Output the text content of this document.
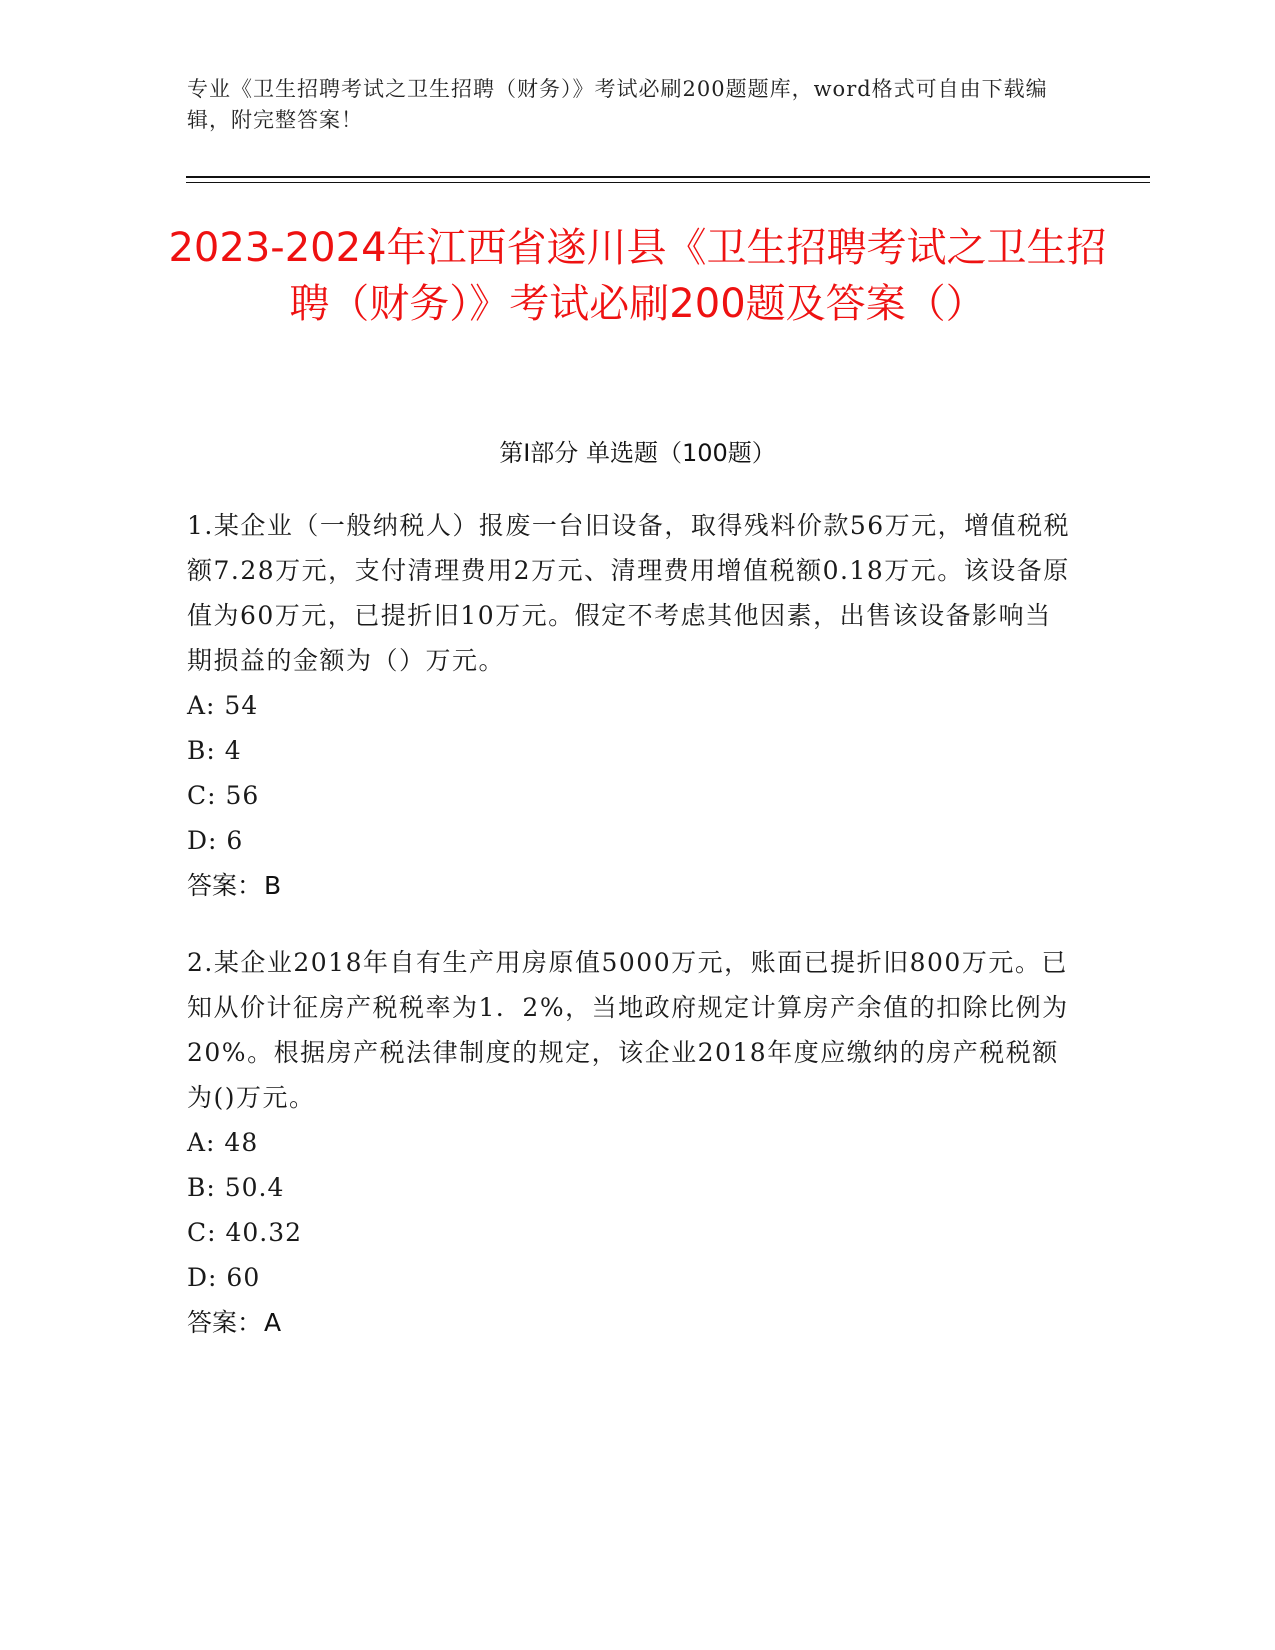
专业《卫生招聘考试之卫生招聘（财务）》考试必刷200题题库，word格式可自由下载编辑，附完整答案！
2023-2024年江西省遂川县《卫生招聘考试之卫生招聘（财务）》考试必刷200题及答案（）
第Ⅰ部分 单选题（100题）

1.某企业（一般纳税人）报废一台旧设备，取得残料价款56万元，增值税税额7.28万元，支付清理费用2万元、清理费用增值税额0.18万元。该设备原值为60万元，已提折旧10万元。假定不考虑其他因素，出售该设备影响当期损益的金额为（）万元。

A: 54

B: 4

C: 56

D: 6

答案：B

2.某企业2018年自有生产用房原值5000万元，账面已提折旧800万元。已知从价计征房产税税率为1．2%，当地政府规定计算房产余值的扣除比例为20%。根据房产税法律制度的规定，该企业2018年度应缴纳的房产税税额为()万元。

A: 48

B: 50.4

C: 40.32

D: 60

答案：A
